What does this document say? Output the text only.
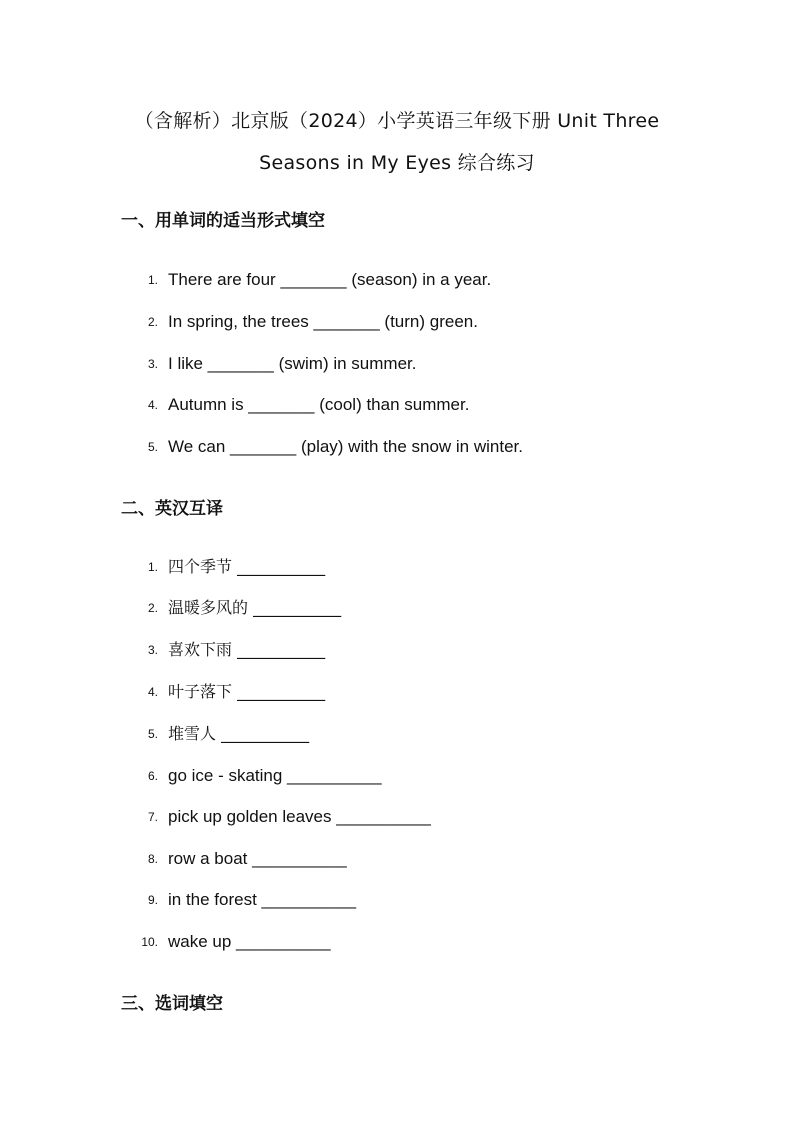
（含解析）北京版（2024）小学英语三年级下册 Unit Three
Seasons in My Eyes 综合练习
一、用单词的适当形式填空
1. There are four _______ (season) in a year.
2. In spring, the trees _______ (turn) green.
3. I like _______ (swim) in summer.
4. Autumn is _______ (cool) than summer.
5. We can _______ (play) with the snow in winter.
二、英汉互译
1. 四个季节 ___________
2. 温暖多风的 ___________
3. 喜欢下雨 ___________
4. 叶子落下 ___________
5. 堆雪人 ___________
6. go ice - skating __________
7. pick up golden leaves __________
8. row a boat __________
9. in the forest __________
10. wake up __________
三、选词填空
